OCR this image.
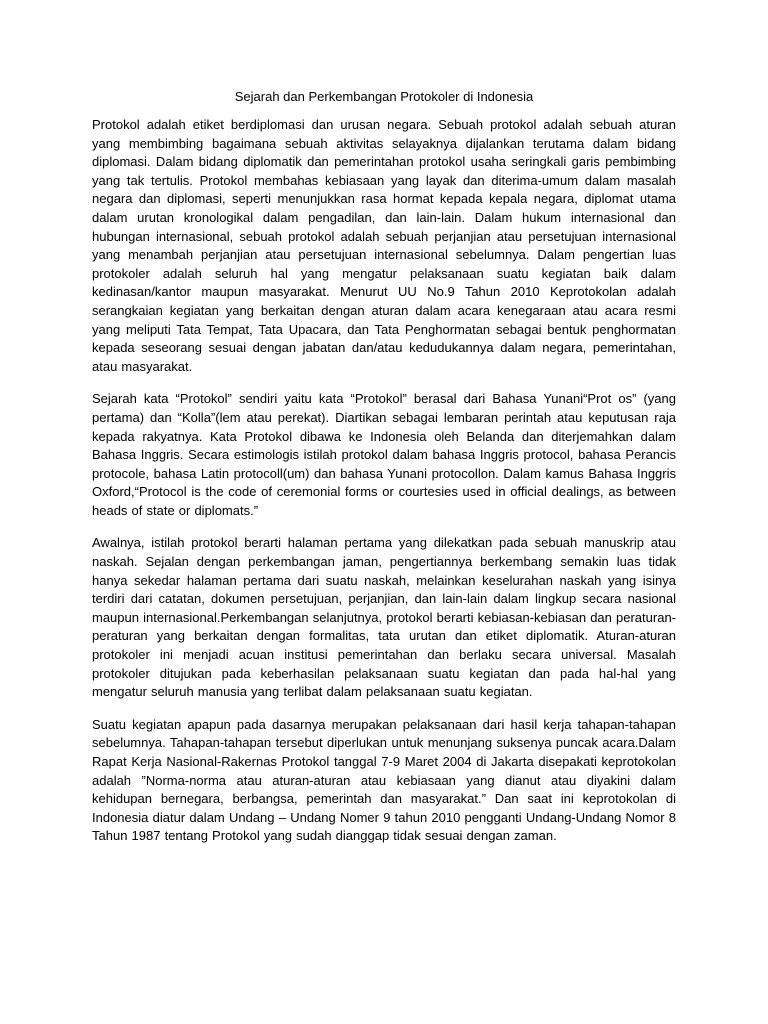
Sejarah dan Perkembangan Protokoler di Indonesia

Protokol adalah etiket berdiplomasi dan urusan negara. Sebuah protokol adalah sebuah aturan yang membimbing bagaimana sebuah aktivitas selayaknya dijalankan terutama dalam bidang diplomasi. Dalam bidang diplomatik dan pemerintahan protokol usaha seringkali garis pembimbing yang tak tertulis. Protokol membahas kebiasaan yang layak dan diterima-umum dalam masalah negara dan diplomasi, seperti menunjukkan rasa hormat kepada kepala negara, diplomat utama dalam urutan kronologikal dalam pengadilan, dan lain-lain. Dalam hukum internasional dan hubungan internasional, sebuah protokol adalah sebuah perjanjian atau persetujuan internasional yang menambah perjanjian atau persetujuan internasional sebelumnya. Dalam pengertian luas protokoler adalah seluruh hal yang mengatur pelaksanaan suatu kegiatan baik dalam kedinasan/kantor maupun masyarakat. Menurut UU No.9 Tahun 2010 Keprotokolan adalah serangkaian kegiatan yang berkaitan dengan aturan dalam acara kenegaraan atau acara resmi yang meliputi Tata Tempat, Tata Upacara, dan Tata Penghormatan sebagai bentuk penghormatan kepada seseorang sesuai dengan jabatan dan/atau kedudukannya dalam negara, pemerintahan, atau masyarakat.

Sejarah kata “Protokol” sendiri yaitu kata “Protokol” berasal dari Bahasa Yunani“Prot os” (yang pertama) dan “Kolla”(lem atau perekat). Diartikan sebagai lembaran perintah atau keputusan raja kepada rakyatnya. Kata Protokol dibawa ke Indonesia oleh Belanda dan diterjemahkan dalam Bahasa Inggris. Secara estimologis istilah protokol dalam bahasa Inggris protocol, bahasa Perancis protocole, bahasa Latin protocoll(um) dan bahasa Yunani protocollon. Dalam kamus Bahasa Inggris Oxford,“Protocol is the code of ceremonial forms or courtesies used in official dealings, as between heads of state or diplomats.”

Awalnya, istilah protokol berarti halaman pertama yang dilekatkan pada sebuah manuskrip atau naskah. Sejalan dengan perkembangan jaman, pengertiannya berkembang semakin luas tidak hanya sekedar halaman pertama dari suatu naskah, melainkan keselurahan naskah yang isinya terdiri dari catatan, dokumen persetujuan, perjanjian, dan lain-lain dalam lingkup secara nasional maupun internasional.Perkembangan selanjutnya, protokol berarti kebiasan-kebiasan dan peraturan-peraturan yang berkaitan dengan formalitas, tata urutan dan etiket diplomatik. Aturan-aturan protokoler ini menjadi acuan institusi pemerintahan dan berlaku secara universal. Masalah protokoler ditujukan pada keberhasilan pelaksanaan suatu kegiatan dan pada hal-hal yang mengatur seluruh manusia yang terlibat dalam pelaksanaan suatu kegiatan.

Suatu kegiatan apapun pada dasarnya merupakan pelaksanaan dari hasil kerja tahapan-tahapan sebelumnya. Tahapan-tahapan tersebut diperlukan untuk menunjang suksenya puncak acara.Dalam Rapat Kerja Nasional-Rakernas Protokol tanggal 7-9 Maret 2004 di Jakarta disepakati keprotokolan adalah ”Norma-norma atau aturan-aturan atau kebiasaan yang dianut atau diyakini dalam kehidupan bernegara, berbangsa, pemerintah dan masyarakat.” Dan saat ini keprotokolan di Indonesia diatur dalam Undang – Undang Nomer 9 tahun 2010 pengganti Undang-Undang Nomor 8 Tahun 1987 tentang Protokol yang sudah dianggap tidak sesuai dengan zaman.
